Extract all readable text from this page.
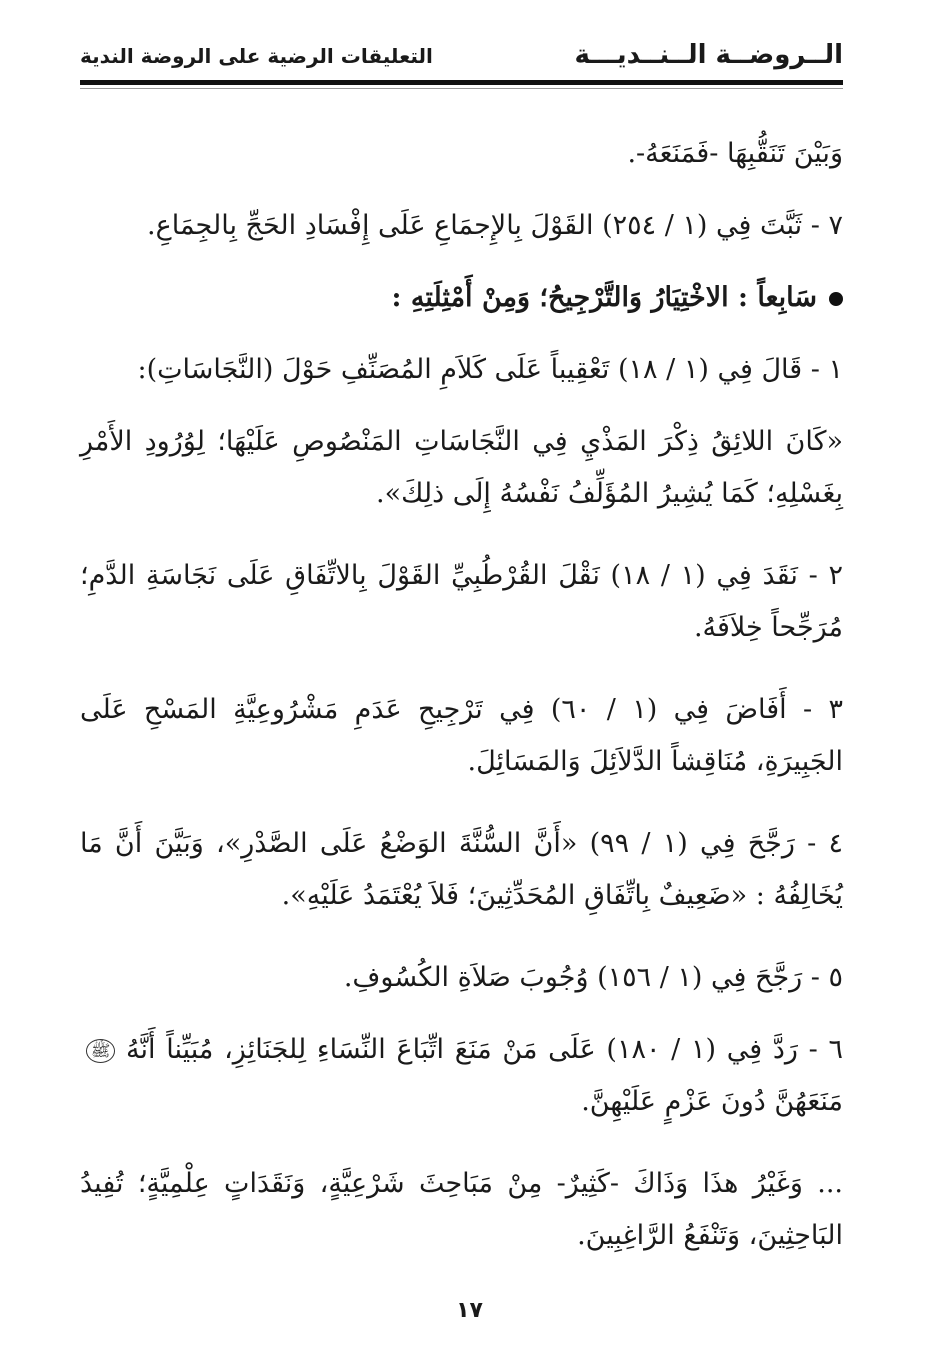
الــروضــة الــنــديـــة
التعليقات الرضية على الروضة الندية

وَبَيْنَ تَنَقُّبِهَا -فَمَنَعَهُ-.

٧ - ثَبَّتَ فِي (١ / ٢٥٤) القَوْلَ بِالإِجمَاعِ عَلَى إِفْسَادِ الحَجِّ بِالجِمَاعِ.

سَابِعاً : الاخْتِيَارُ وَالتَّرْجِيحُ؛ وَمِنْ أَمْثِلَتِهِ :

١ - قَالَ فِي (١ / ١٨) تَعْقِيباً عَلَى كَلاَمِ المُصَنِّفِ حَوْلَ (النَّجَاسَاتِ):

«كَانَ اللائِقُ ذِكْرَ المَذْيِ فِي النَّجَاسَاتِ المَنْصُوصِ عَلَيْهَا؛ لِوُرُودِ الأَمْرِ بِغَسْلِهِ؛ كَمَا يُشِيرُ المُؤَلِّفُ نَفْسُهُ إِلَى ذلِكَ».

٢ - نَقَدَ فِي (١ / ١٨) نَقْلَ القُرْطُبِيِّ القَوْلَ بِالاتِّفَاقِ عَلَى نَجَاسَةِ الدَّمِ؛ مُرَجِّحاً خِلاَفَهُ.

٣ - أَفَاضَ فِي (١ / ٦٠) فِي تَرْجِيحِ عَدَمِ مَشْرُوعِيَّةِ المَسْحِ عَلَى الجَبِيرَةِ، مُنَاقِشاً الدَّلاَئِلَ وَالمَسَائِلَ.

٤ - رَجَّحَ فِي (١ / ٩٩) «أَنَّ السُّنَّةَ الوَضْعُ عَلَى الصَّدْرِ»، وَبَيَّنَ أَنَّ مَا يُخَالِفُهُ : «ضَعِيفٌ بِاتِّفَاقِ المُحَدِّثِينَ؛ فَلاَ يُعْتَمَدُ عَلَيْهِ».

٥ - رَجَّحَ فِي (١ / ١٥٦) وُجُوبَ صَلاَةِ الكُسُوفِ.

٦ - رَدَّ فِي (١ / ١٨٠) عَلَى مَنْ مَنَعَ اتِّبَاعَ النِّسَاءِ لِلجَنَائِزِ، مُبَيِّناً أَنَّهُ ﷺ مَنَعَهُنَّ دُونَ عَزْمٍ عَلَيْهِنَّ.

... وَغَيْرُ هذَا وَذَاكَ -كَثِيرٌ- مِنْ مَبَاحِثَ شَرْعِيَّةٍ، وَنَقَدَاتٍ عِلْمِيَّةٍ؛ تُفِيدُ البَاحِثِينَ، وَتَنْفَعُ الرَّاغِبِينَ.

١٧
